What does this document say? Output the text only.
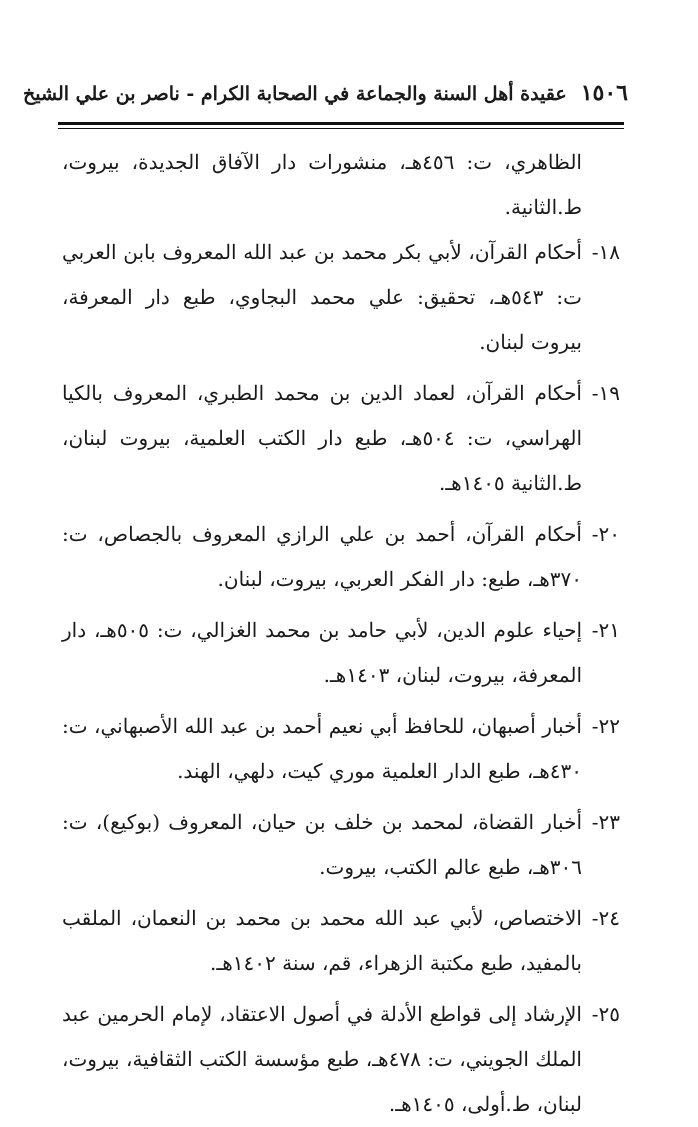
١٥٠٦عقيدة أهل السنة والجماعة في الصحابة الكرام - ناصر بن علي الشيخ
الظاهري، ت: ٤٥٦هـ، منشورات دار الآفاق الجديدة، بيروت، ط.الثانية.
١٨-أحكام القرآن، لأبي بكر محمد بن عبد الله المعروف بابن العربي ت: ٥٤٣هـ، تحقيق: علي محمد البجاوي، طبع دار المعرفة، بيروت لبنان.
١٩-أحكام القرآن، لعماد الدين بن محمد الطبري، المعروف بالكيا الهراسي، ت: ٥٠٤هـ، طبع دار الكتب العلمية، بيروت لبنان، ط.الثانية ١٤٠٥هـ.
٢٠-أحكام القرآن، أحمد بن علي الرازي المعروف بالجصاص، ت: ٣٧٠هـ، طبع: دار الفكر العربي، بيروت، لبنان.
٢١-إحياء علوم الدين، لأبي حامد بن محمد الغزالي، ت: ٥٠٥هـ، دار المعرفة، بيروت، لبنان، ١٤٠٣هـ.
٢٢-أخبار أصبهان، للحافظ أبي نعيم أحمد بن عبد الله الأصبهاني، ت: ٤٣٠هـ، طبع الدار العلمية موري كيت، دلهي، الهند.
٢٣-أخبار القضاة، لمحمد بن خلف بن حيان، المعروف (بوكيع)، ت: ٣٠٦هـ، طبع عالم الكتب، بيروت.
٢٤-الاختصاص، لأبي عبد الله محمد بن محمد بن النعمان، الملقب بالمفيد، طبع مكتبة الزهراء، قم، سنة ١٤٠٢هـ.
٢٥-الإرشاد إلى قواطع الأدلة في أصول الاعتقاد، لإمام الحرمين عبد الملك الجويني، ت: ٤٧٨هـ، طبع مؤسسة الكتب الثقافية، بيروت، لبنان، ط.أولى، ١٤٠٥هـ.
